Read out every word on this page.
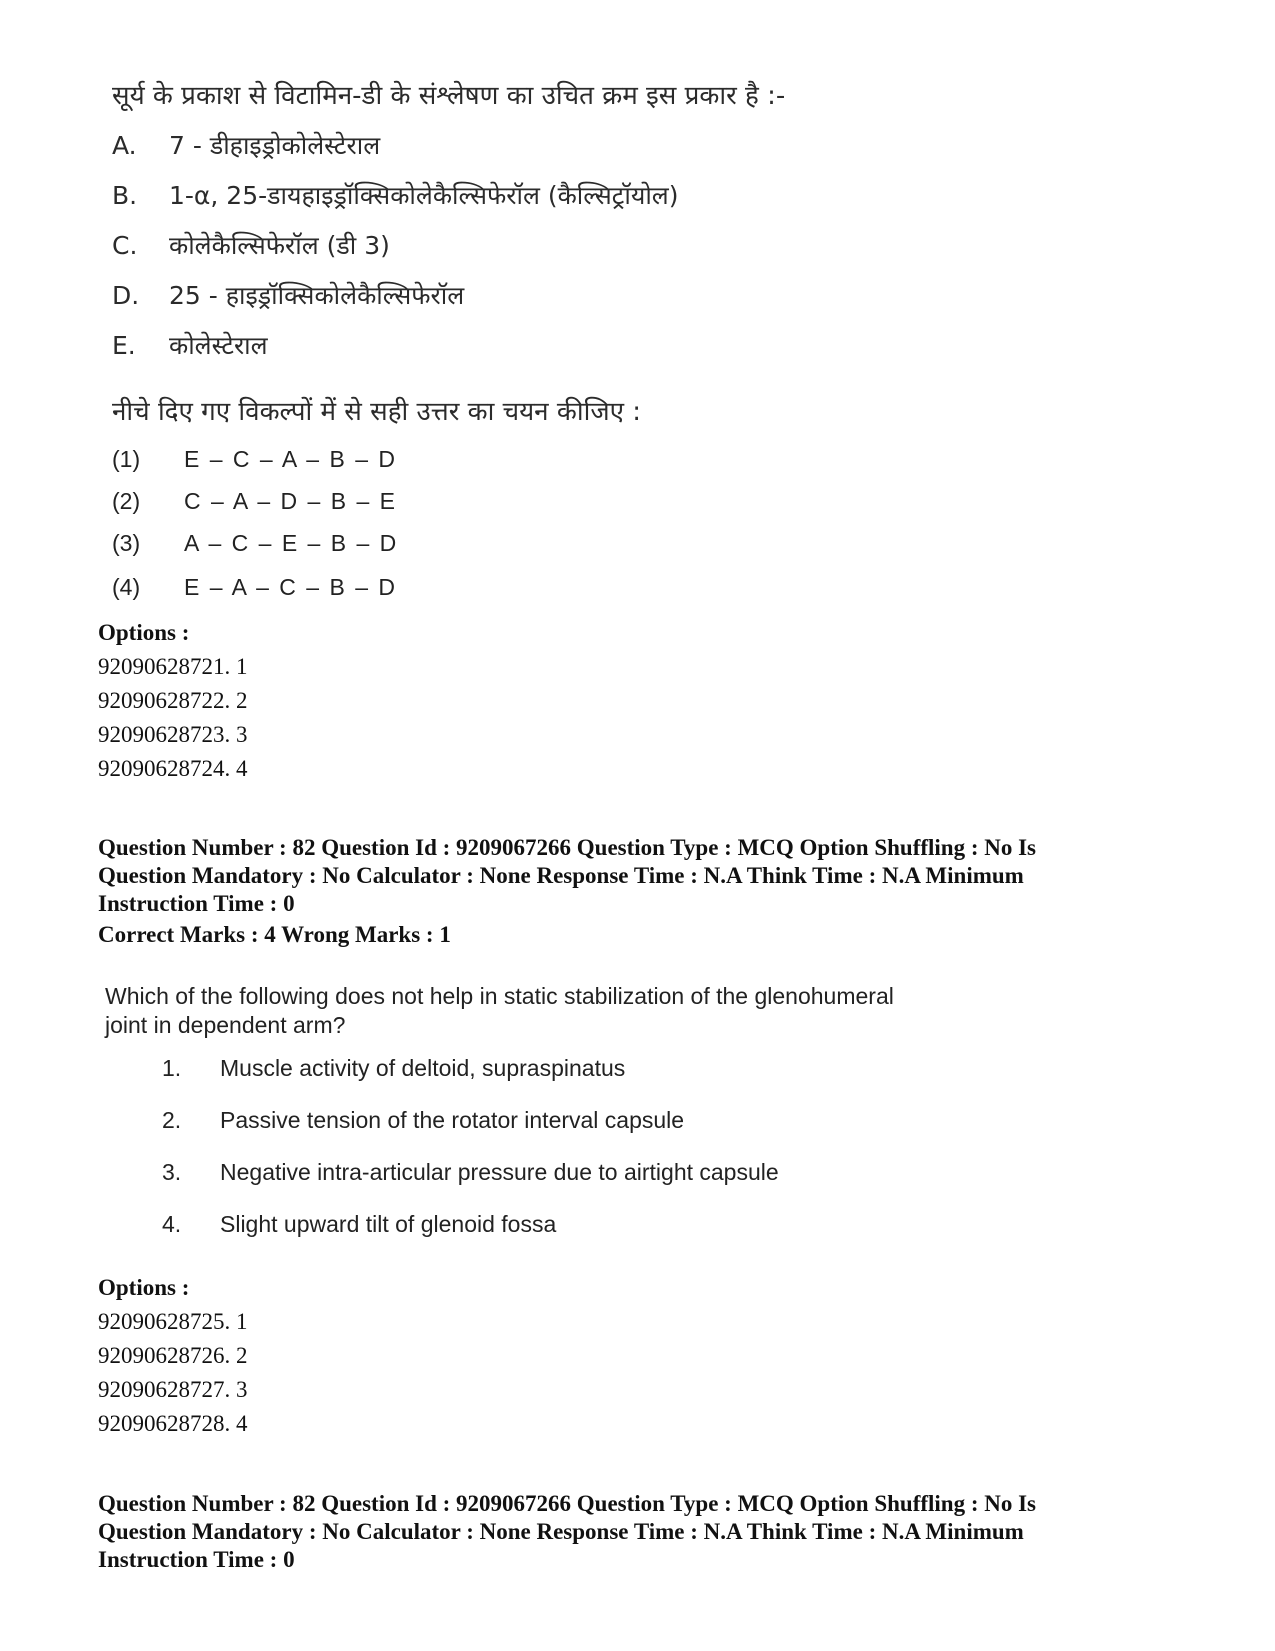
सूर्य के प्रकाश से विटामिन-डी के संश्लेषण का उचित क्रम इस प्रकार है :-
A. 7 - डीहाइड्रोकोलेस्टेराल
B. 1-α, 25-डायहाइड्रॉक्सिकोलेकैल्सिफेरॉल (कैल्सिट्रॉयोल)
C. कोलेकैल्सिफेरॉल (डी 3)
D. 25 - हाइड्रॉक्सिकोलेकैल्सिफेरॉल
E. कोलेस्टेराल
नीचे दिए गए विकल्पों में से सही उत्तर का चयन कीजिए :
(1) E – C – A – B – D
(2) C – A – D – B – E
(3) A – C – E – B – D
(4) E – A – C – B – D
Options :
92090628721. 1
92090628722. 2
92090628723. 3
92090628724. 4
Question Number : 82 Question Id : 9209067266 Question Type : MCQ Option Shuffling : No Is
Question Mandatory : No Calculator : None Response Time : N.A Think Time : N.A Minimum
Instruction Time : 0
Correct Marks : 4 Wrong Marks : 1
Which of the following does not help in static stabilization of the glenohumeral
joint in dependent arm?
1. Muscle activity of deltoid, supraspinatus
2. Passive tension of the rotator interval capsule
3. Negative intra-articular pressure due to airtight capsule
4. Slight upward tilt of glenoid fossa
Options :
92090628725. 1
92090628726. 2
92090628727. 3
92090628728. 4
Question Number : 82 Question Id : 9209067266 Question Type : MCQ Option Shuffling : No Is
Question Mandatory : No Calculator : None Response Time : N.A Think Time : N.A Minimum
Instruction Time : 0
